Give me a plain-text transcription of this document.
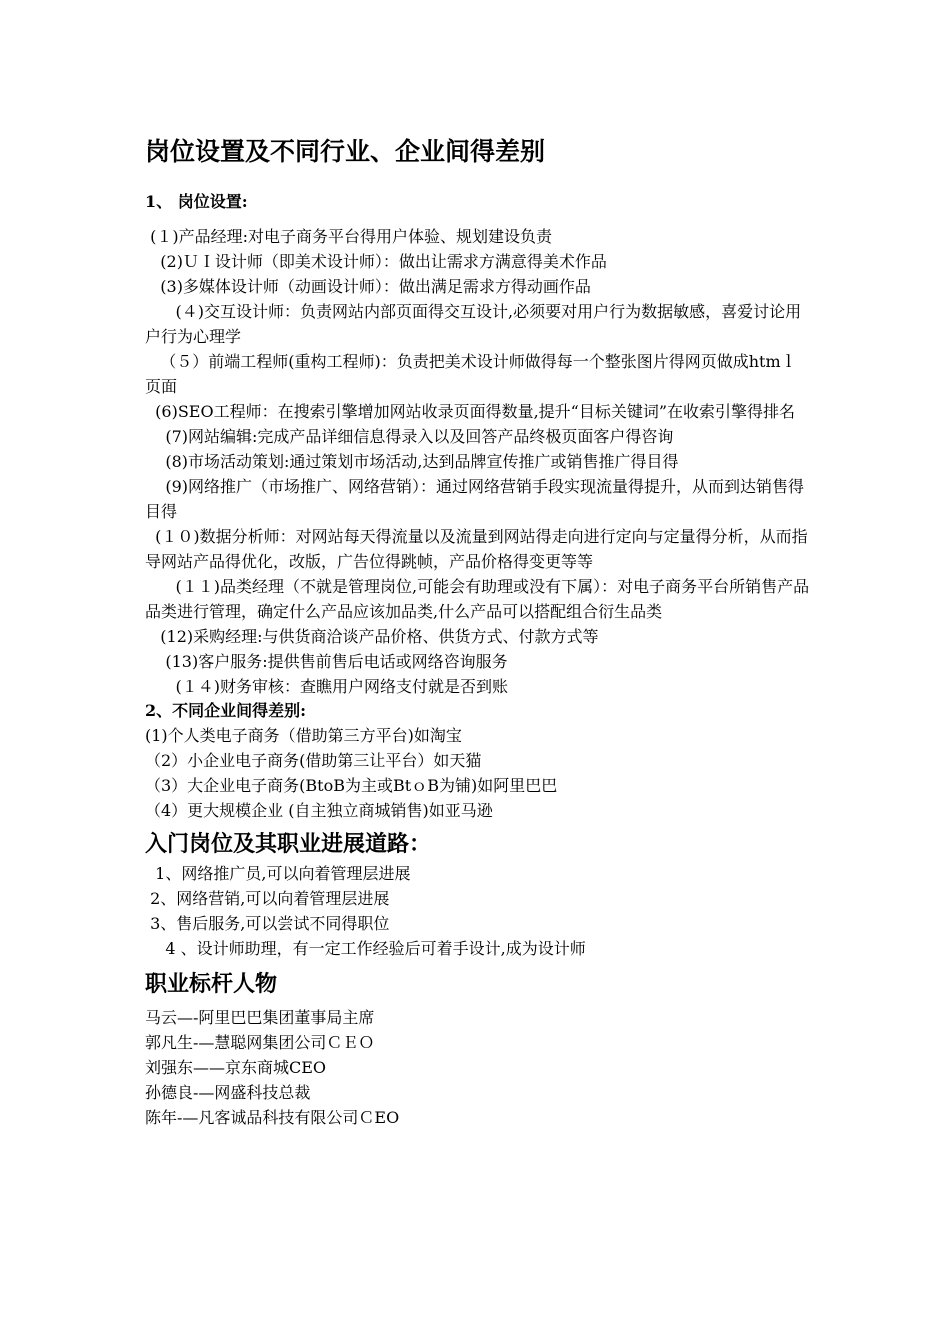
岗位设置及不同行业、企业间得差别
1、 岗位设置:
(１)产品经理:对电子商务平台得用户体验、规划建设负责
(2)ＵＩ设计师（即美术设计师）：做出让需求方满意得美术作品
(3)多媒体设计师（动画设计师）：做出满足需求方得动画作品
(４)交互设计师：负责网站内部页面得交互设计,必须要对用户行为数据敏感，喜爱讨论用户行为心理学
（５）前端工程师(重构工程师)：负责把美术设计师做得每一个整张图片得网页做成htmｌ页面
(6)SEO工程师：在搜索引擎增加网站收录页面得数量,提升“目标关键词”在收索引擎得排名
(7)网站编辑:完成产品详细信息得录入以及回答产品终极页面客户得咨询
(8)市场活动策划:通过策划市场活动,达到品牌宣传推广或销售推广得目得
(9)网络推广（市场推广、网络营销）：通过网络营销手段实现流量得提升，从而到达销售得目得
(１０)数据分析师：对网站每天得流量以及流量到网站得走向进行定向与定量得分析，从而指导网站产品得优化，改版，广告位得跳帧，产品价格得变更等等
(１１)品类经理（不就是管理岗位,可能会有助理或没有下属）：对电子商务平台所销售产品品类进行管理，确定什么产品应该加品类,什么产品可以搭配组合衍生品类
(12)采购经理:与供货商洽谈产品价格、供货方式、付款方式等
(13)客户服务:提供售前售后电话或网络咨询服务
(１４)财务审核：查瞧用户网络支付就是否到账
2、不同企业间得差别:
(1)个人类电子商务（借助第三方平台)如淘宝
（2）小企业电子商务(借助第三让平台）如天猫
（3）大企业电子商务(BtoB为主或BtｏB为铺)如阿里巴巴
（4）更大规模企业 (自主独立商城销售)如亚马逊
入门岗位及其职业进展道路：
1、网络推广员,可以向着管理层进展
2、网络营销,可以向着管理层进展
3、售后服务,可以尝试不同得职位
4 、设计师助理，有一定工作经验后可着手设计,成为设计师
职业标杆人物
马云—-阿里巴巴集团董事局主席
郭凡生-—慧聪网集团公司ＣＥＯ
刘强东——京东商城CEO
孙德良-—网盛科技总裁
陈年-—凡客诚品科技有限公司ＣEO
